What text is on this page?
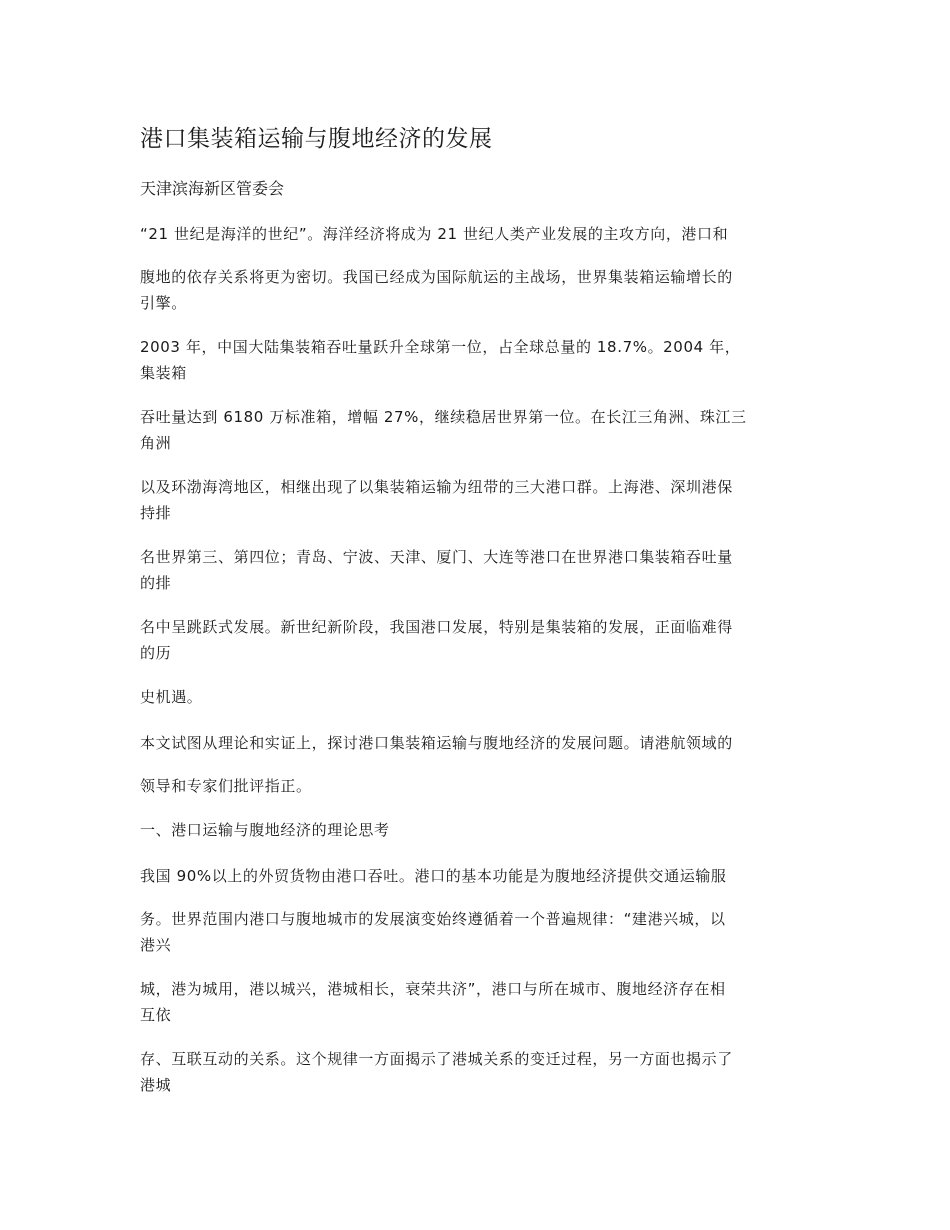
港口集装箱运输与腹地经济的发展
天津滨海新区管委会
“21 世纪是海洋的世纪”。海洋经济将成为 21 世纪人类产业发展的主攻方向，港口和
腹地的依存关系将更为密切。我国已经成为国际航运的主战场，世界集装箱运输增长的
引擎。
2003 年，中国大陆集装箱吞吐量跃升全球第一位，占全球总量的 18.7%。2004 年，
集装箱
吞吐量达到 6180 万标准箱，增幅 27%，继续稳居世界第一位。在长江三角洲、珠江三
角洲
以及环渤海湾地区，相继出现了以集装箱运输为纽带的三大港口群。上海港、深圳港保
持排
名世界第三、第四位；青岛、宁波、天津、厦门、大连等港口在世界港口集装箱吞吐量
的排
名中呈跳跃式发展。新世纪新阶段，我国港口发展，特别是集装箱的发展，正面临难得
的历
史机遇。
本文试图从理论和实证上，探讨港口集装箱运输与腹地经济的发展问题。请港航领域的
领导和专家们批评指正。
一、港口运输与腹地经济的理论思考
我国 90%以上的外贸货物由港口吞吐。港口的基本功能是为腹地经济提供交通运输服
务。世界范围内港口与腹地城市的发展演变始终遵循着一个普遍规律：“建港兴城，以
港兴
城，港为城用，港以城兴，港城相长，衰荣共济”，港口与所在城市、腹地经济存在相
互依
存、互联互动的关系。这个规律一方面揭示了港城关系的变迁过程，另一方面也揭示了
港城
